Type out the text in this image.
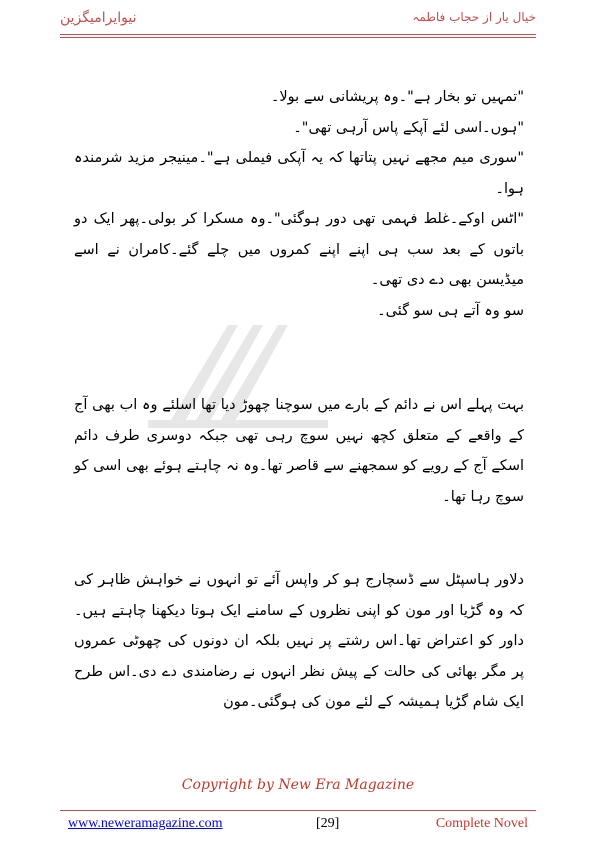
نیوایرامیگزین	خیال یار از حجاب فاطمہ

"تمہیں تو بخار ہے"۔وہ پریشانی سے بولا۔

"ہوں۔اسی لئے آپکے پاس آرہی تھی"۔

"سوری میم مجھے نہیں پتاتھا کہ یہ آپکی فیملی ہے"۔مینیجر مزید شرمندہ ہوا۔

"اٹس اوکے۔غلط فہمی تھی دور ہوگئی"۔وہ مسکرا کر بولی۔پھر ایک دو باتوں کے بعد سب ہی اپنے اپنے کمروں میں چلے گئے۔کامران نے اسے میڈیسن بھی دے دی تھی۔

سو وہ آتے ہی سو گئی۔

بہت پہلے اس نے دائم کے بارے میں سوچنا چھوڑ دیا تھا اسلئے وہ اب بھی آج کے واقعے کے متعلق کچھ نہیں سوچ رہی تھی جبکہ دوسری طرف دائم اسکے آج کے رویے کو سمجھنے سے قاصر تھا۔وہ نہ چاہتے ہوئے بھی اسی کو سوچ رہا تھا۔

دلاور ہاسپٹل سے ڈسچارج ہو کر واپس آئے تو انہوں نے خواہش ظاہر کی کہ وہ گڑیا اور مون کو اپنی نظروں کے سامنے ایک ہوتا دیکھنا چاہتے ہیں۔داور کو اعتراض تھا۔اس رشتے پر نہیں بلکہ ان دونوں کی چھوٹی عمروں پر مگر بھائی کی حالت کے پیش نظر انہوں نے رضامندی دے دی۔اس طرح ایک شام گڑیا ہمیشہ کے لئے مون کی ہوگئی۔مون

Copyright by New Era Magazine
www.neweramagazine.com	[29]	Complete Novel
